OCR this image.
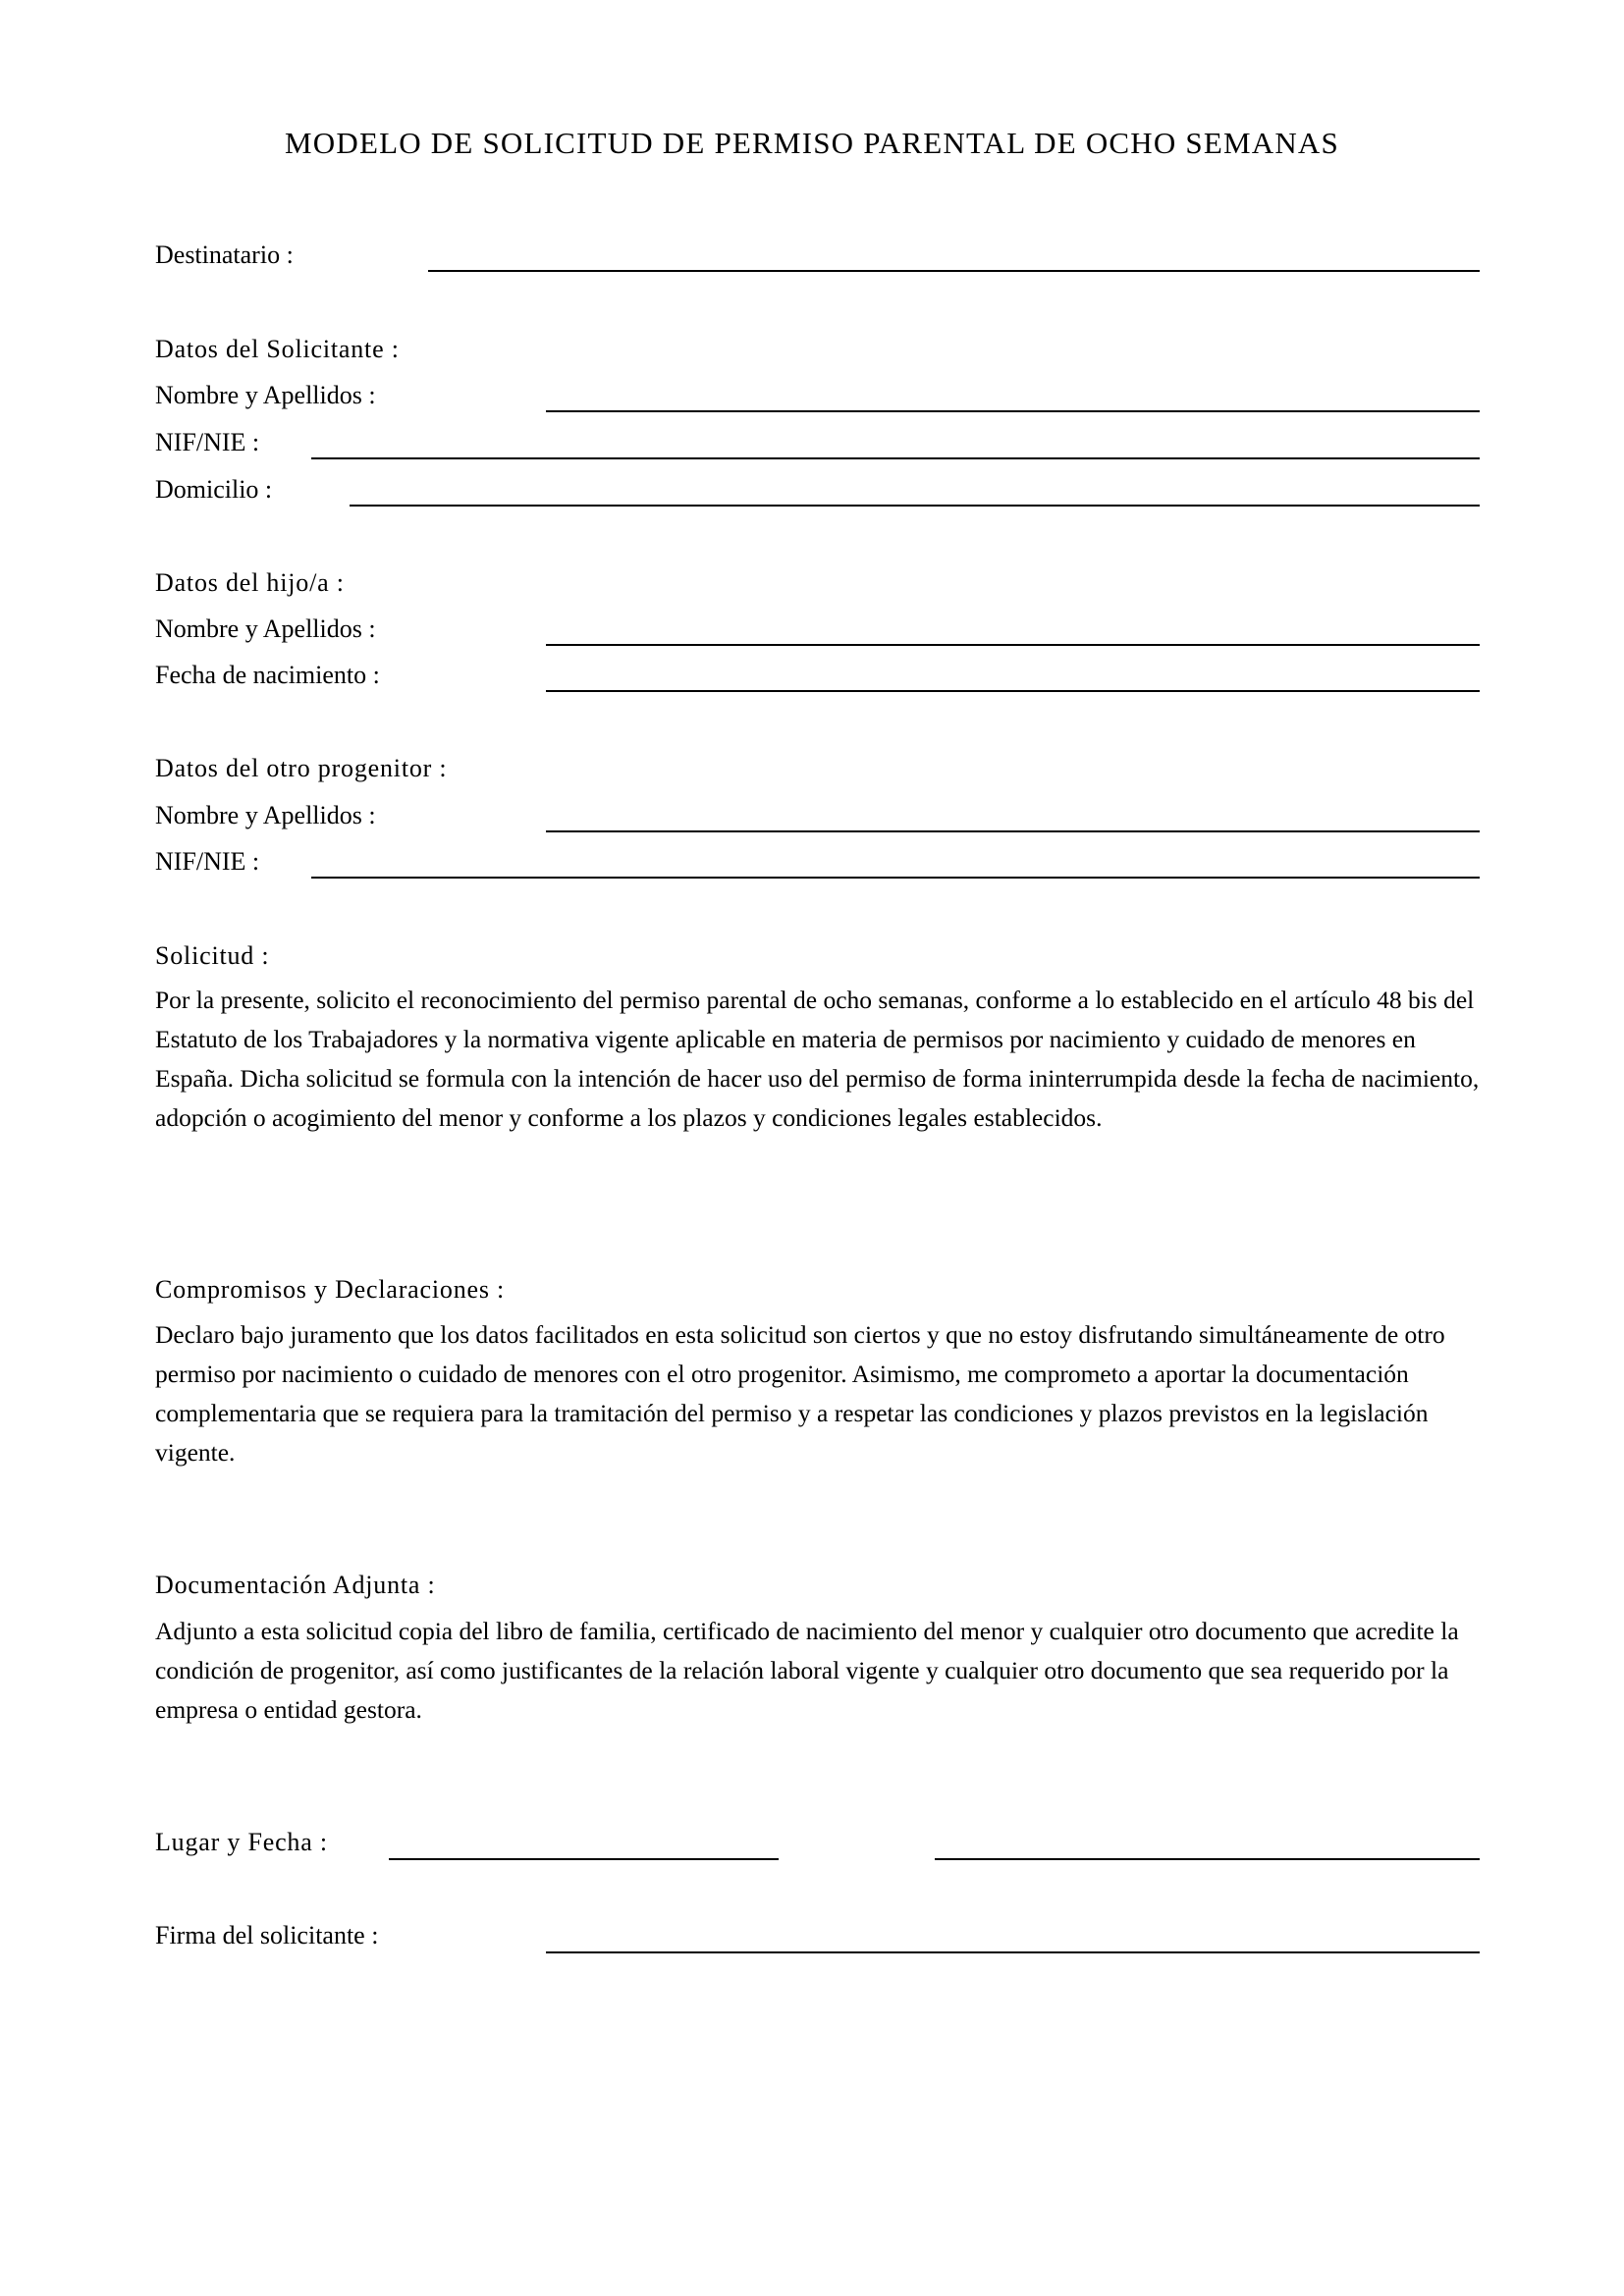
MODELO DE SOLICITUD DE PERMISO PARENTAL DE OCHO SEMANAS
Destinatario :
Datos del Solicitante :
Nombre y Apellidos :
NIF/NIE :
Domicilio :
Datos del hijo/a :
Nombre y Apellidos :
Fecha de nacimiento :
Datos del otro progenitor :
Nombre y Apellidos :
NIF/NIE :
Solicitud :
Por la presente, solicito el reconocimiento del permiso parental de ocho semanas, conforme a lo establecido en el artículo 48 bis del Estatuto de los Trabajadores y la normativa vigente aplicable en materia de permisos por nacimiento y cuidado de menores en España. Dicha solicitud se formula con la intención de hacer uso del permiso de forma ininterrumpida desde la fecha de nacimiento, adopción o acogimiento del menor y conforme a los plazos y condiciones legales establecidos.
Compromisos y Declaraciones :
Declaro bajo juramento que los datos facilitados en esta solicitud son ciertos y que no estoy disfrutando simultáneamente de otro permiso por nacimiento o cuidado de menores con el otro progenitor. Asimismo, me comprometo a aportar la documentación complementaria que se requiera para la tramitación del permiso y a respetar las condiciones y plazos previstos en la legislación vigente.
Documentación Adjunta :
Adjunto a esta solicitud copia del libro de familia, certificado de nacimiento del menor y cualquier otro documento que acredite la condición de progenitor, así como justificantes de la relación laboral vigente y cualquier otro documento que sea requerido por la empresa o entidad gestora.
Lugar y Fecha :
Firma del solicitante :
